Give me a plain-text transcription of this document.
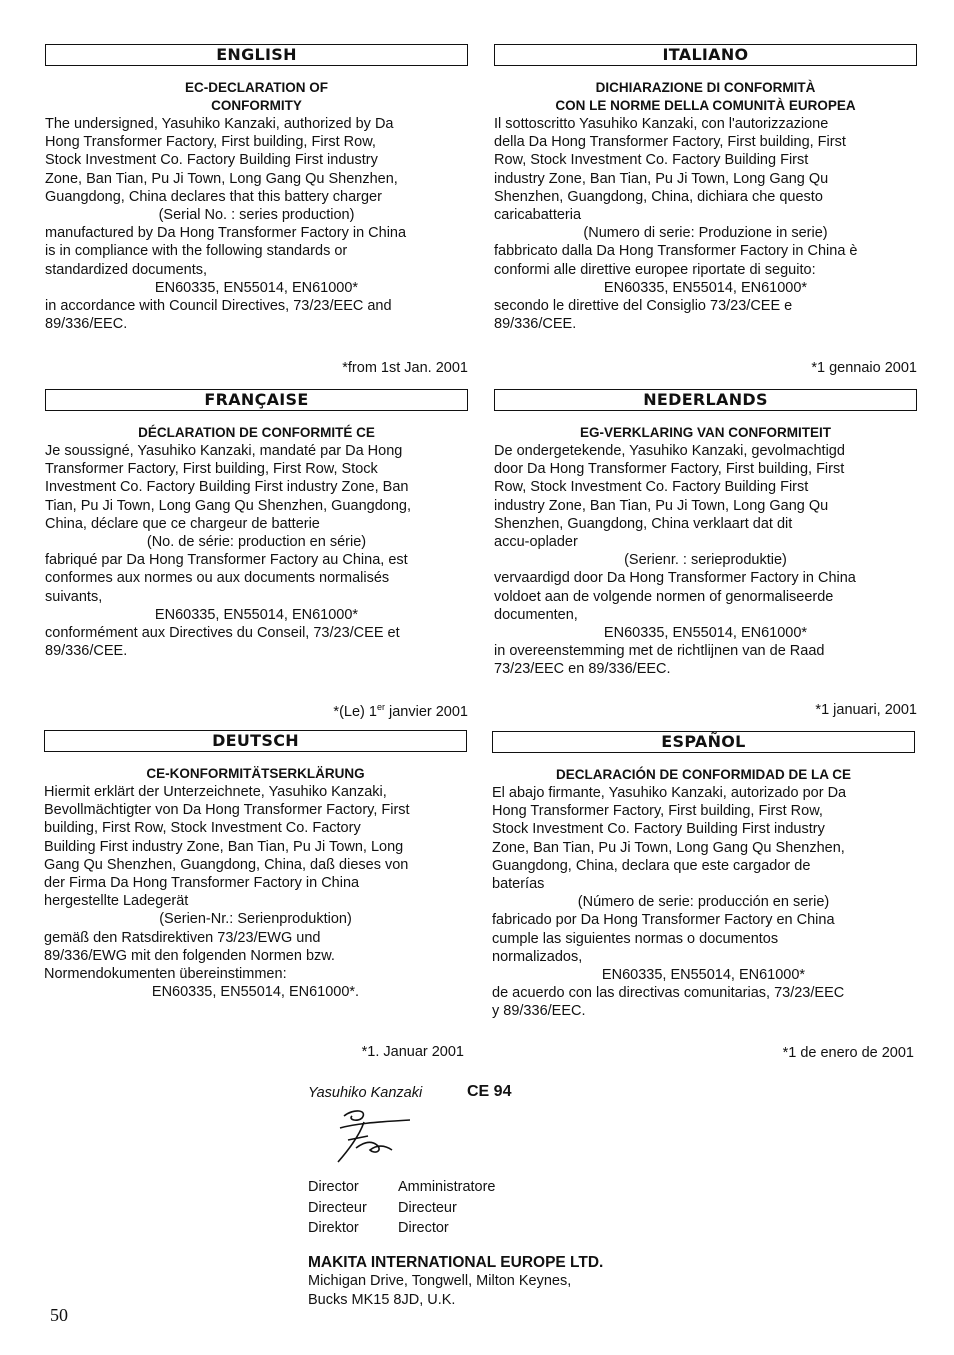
ENGLISH
EC-DECLARATION OF
CONFORMITY
The undersigned, Yasuhiko Kanzaki, authorized by Da
Hong Transformer Factory, First building, First Row,
Stock Investment Co. Factory Building First industry
Zone, Ban Tian, Pu Ji Town, Long Gang Qu Shenzhen,
Guangdong, China declares that this battery charger
(Serial No. : series production)
manufactured by Da Hong Transformer Factory in China
is in compliance with the following standards or
standardized documents,
EN60335, EN55014, EN61000*
in accordance with Council Directives, 73/23/EEC and
89/336/EEC.
*from 1st Jan. 2001
ITALIANO
DICHIARAZIONE DI CONFORMITÀ
CON LE NORME DELLA COMUNITÀ EUROPEA
Il sottoscritto Yasuhiko Kanzaki, con l'autorizzazione
della Da Hong Transformer Factory, First building, First
Row, Stock Investment Co. Factory Building First
industry Zone, Ban Tian, Pu Ji Town, Long Gang Qu
Shenzhen, Guangdong, China, dichiara che questo
caricabatteria
(Numero di serie: Produzione in serie)
fabbricato dalla Da Hong Transformer Factory in China è
conformi alle direttive europee riportate di seguito:
EN60335, EN55014, EN61000*
secondo le direttive del Consiglio 73/23/CEE e
89/336/CEE.
*1 gennaio 2001
FRANÇAISE
DÉCLARATION DE CONFORMITÉ CE
Je soussigné, Yasuhiko Kanzaki, mandaté par Da Hong
Transformer Factory, First building, First Row, Stock
Investment Co. Factory Building First industry Zone, Ban
Tian, Pu Ji Town, Long Gang Qu Shenzhen, Guangdong,
China, déclare que ce chargeur de batterie
(No. de série: production en série)
fabriqué par Da Hong Transformer Factory au China, est
conformes aux normes ou aux documents normalisés
suivants,
EN60335, EN55014, EN61000*
conformément aux Directives du Conseil, 73/23/CEE et
89/336/CEE.
*(Le) 1er janvier 2001
NEDERLANDS
EG-VERKLARING VAN CONFORMITEIT
De ondergetekende, Yasuhiko Kanzaki, gevolmachtigd
door Da Hong Transformer Factory, First building, First
Row, Stock Investment Co. Factory Building First
industry Zone, Ban Tian, Pu Ji Town, Long Gang Qu
Shenzhen, Guangdong, China verklaart dat dit
accu-oplader
(Serienr. : serieproduktie)
vervaardigd door Da Hong Transformer Factory in China
voldoet aan de volgende normen of genormaliseerde
documenten,
EN60335, EN55014, EN61000*
in overeenstemming met de richtlijnen van de Raad
73/23/EEC en 89/336/EEC.
*1 januari, 2001
DEUTSCH
CE-KONFORMITÄTSERKLÄRUNG
Hiermit erklärt der Unterzeichnete, Yasuhiko Kanzaki,
Bevollmächtigter von Da Hong Transformer Factory, First
building, First Row, Stock Investment Co. Factory
Building First industry Zone, Ban Tian, Pu Ji Town, Long
Gang Qu Shenzhen, Guangdong, China, daß dieses von
der Firma Da Hong Transformer Factory in China
hergestellte Ladegerät
(Serien-Nr.: Serienproduktion)
gemäß den Ratsdirektiven 73/23/EWG und
89/336/EWG mit den folgenden Normen bzw.
Normendokumenten übereinstimmen:
EN60335, EN55014, EN61000*.
*1. Januar 2001
ESPAÑOL
DECLARACIÓN DE CONFORMIDAD DE LA CE
El abajo firmante, Yasuhiko Kanzaki, autorizado por Da
Hong Transformer Factory, First building, First Row,
Stock Investment Co. Factory Building First industry
Zone, Ban Tian, Pu Ji Town, Long Gang Qu Shenzhen,
Guangdong, China, declara que este cargador de
baterías
(Número de serie: producción en serie)
fabricado por Da Hong Transformer Factory en China
cumple las siguientes normas o documentos
normalizados,
EN60335, EN55014, EN61000*
de acuerdo con las directivas comunitarias, 73/23/EEC
y 89/336/EEC.
*1 de enero de 2001
Yasuhiko Kanzaki	CE 94
Director
Directeur
Direktor
Amministratore
Directeur
Director
MAKITA INTERNATIONAL EUROPE LTD.
Michigan Drive, Tongwell, Milton Keynes,
Bucks MK15 8JD, U.K.
50
